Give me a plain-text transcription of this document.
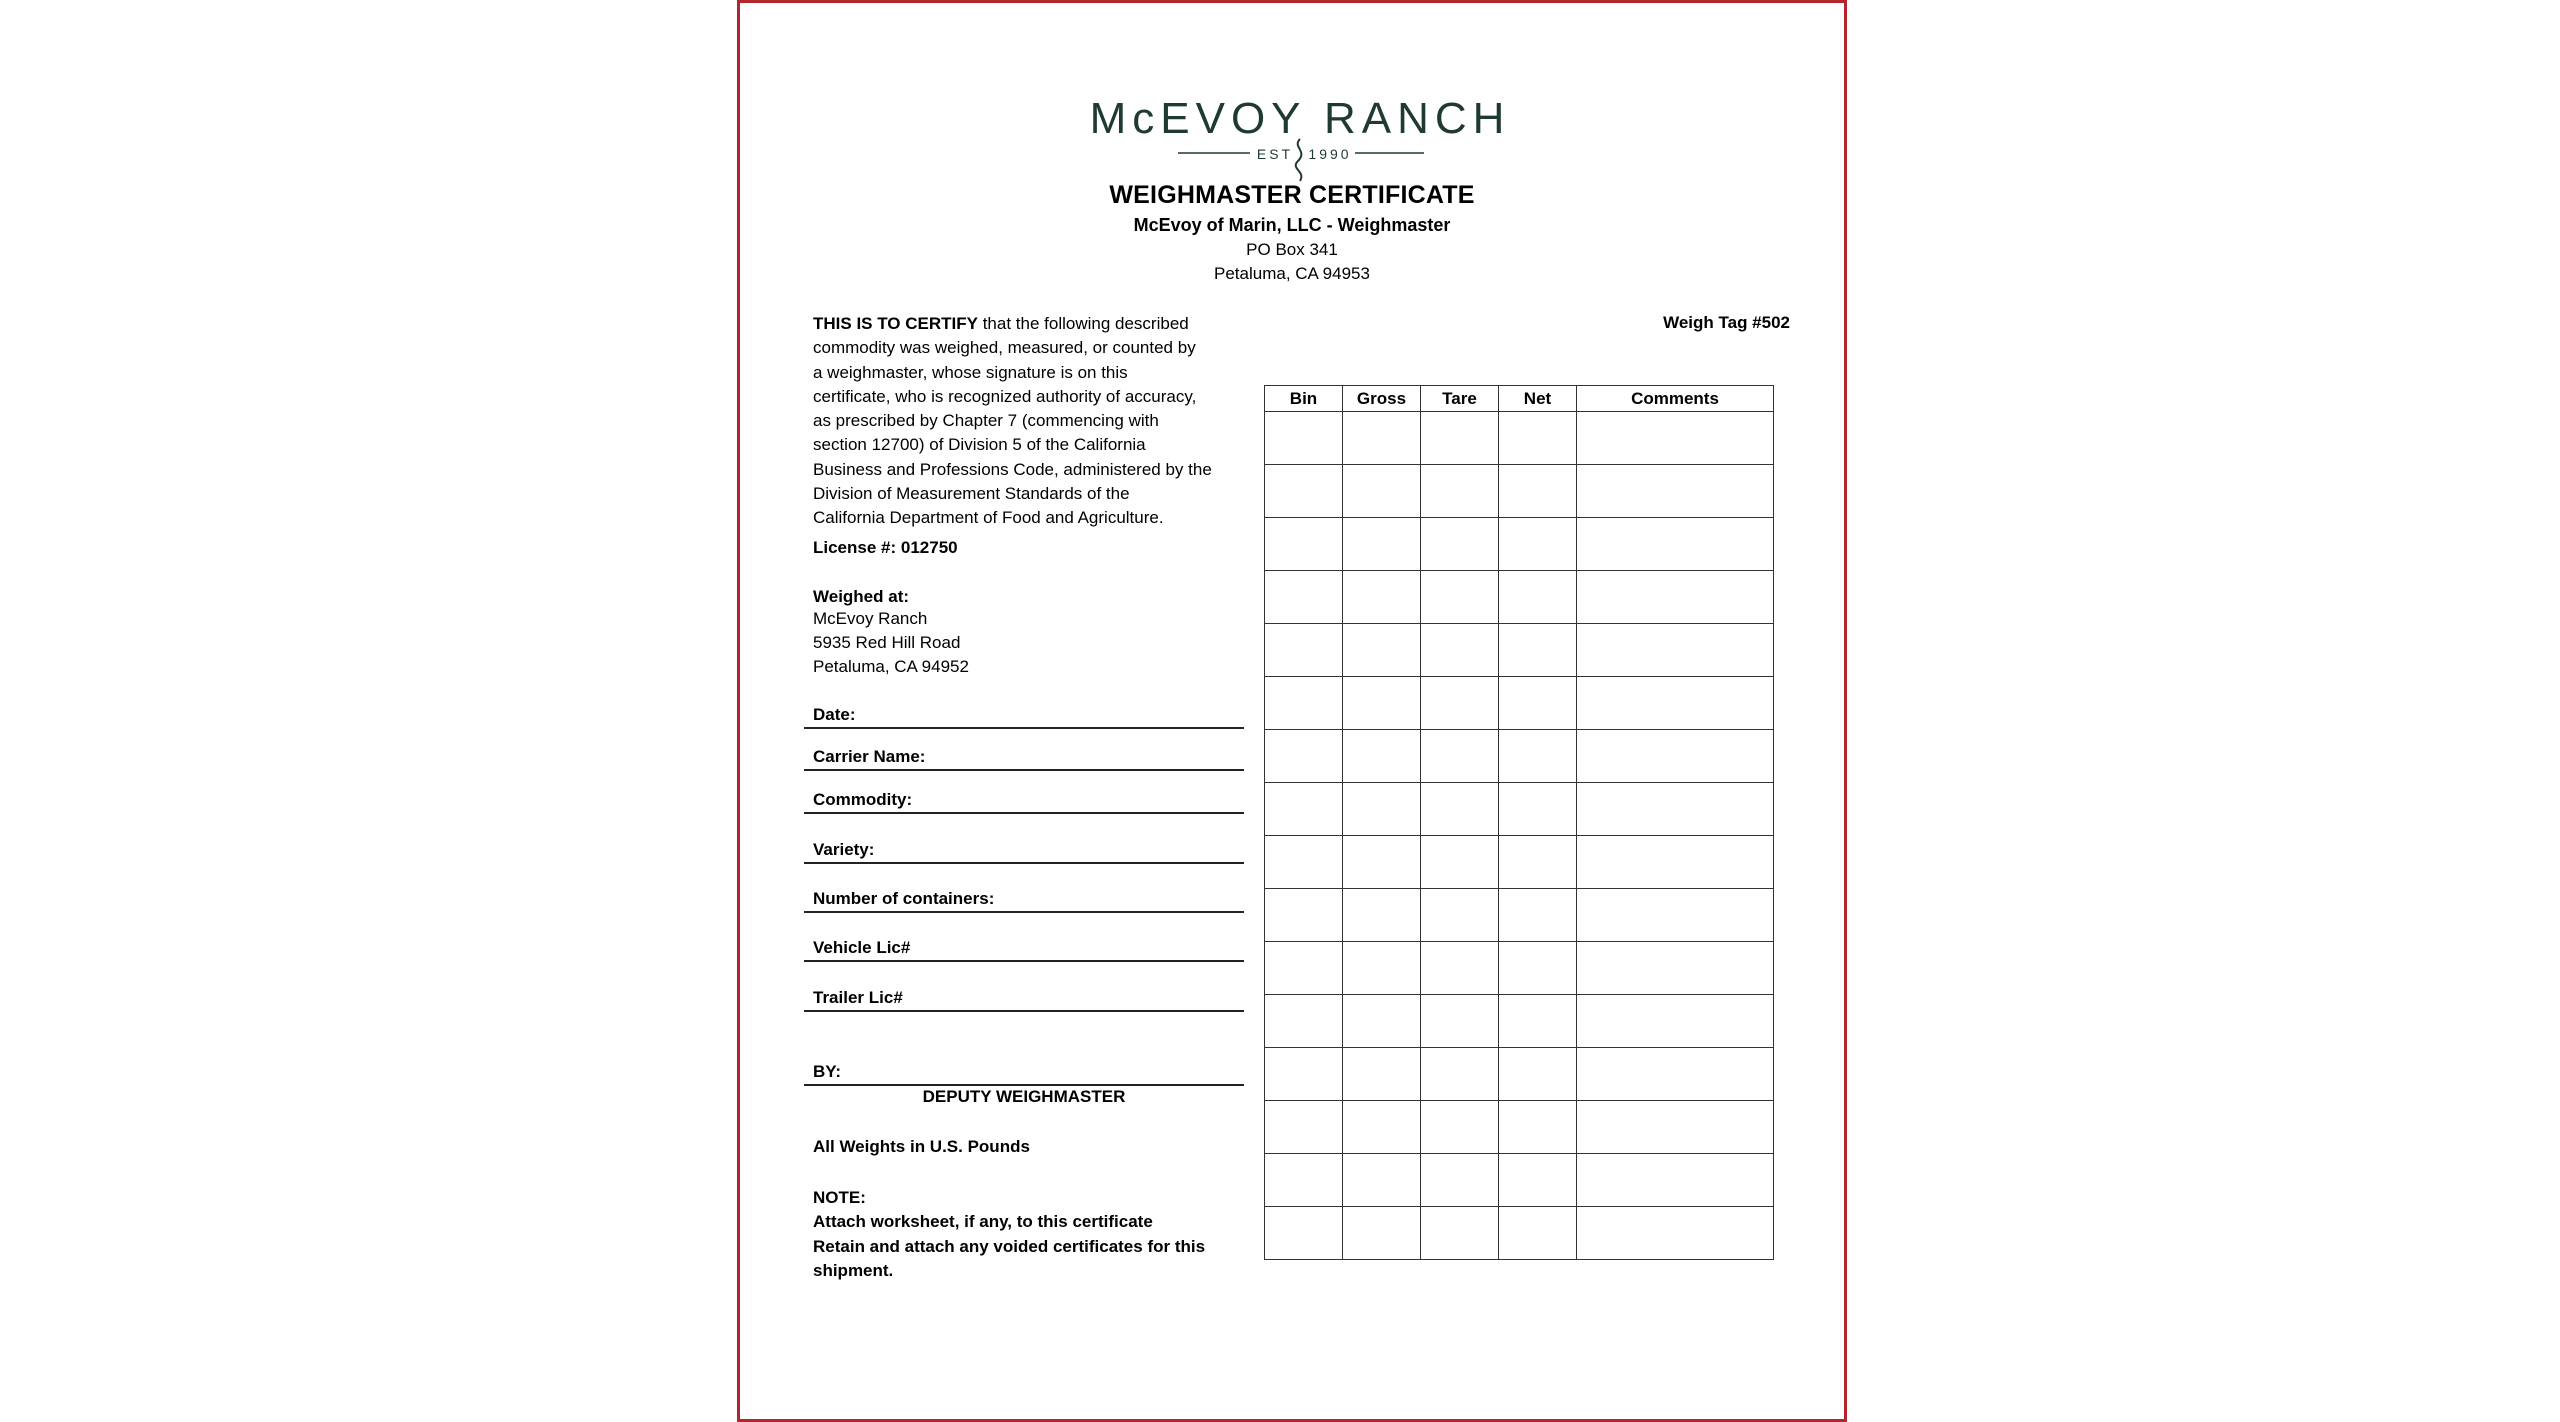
McEVOY RANCH
EST 1990
WEIGHMASTER CERTIFICATE
McEvoy of Marin, LLC - Weighmaster
PO Box 341
Petaluma, CA 94953
Weigh Tag #502
THIS IS TO CERTIFY that the following described
commodity was weighed, measured, or counted by
a weighmaster, whose signature is on this
certificate, who is recognized authority of accuracy,
as prescribed by Chapter 7 (commencing with
section 12700) of Division 5 of the California
Business and Professions Code, administered by the
Division of Measurement Standards of the
California Department of Food and Agriculture.
License #: 012750
Weighed at:
McEvoy Ranch
5935 Red Hill Road
Petaluma, CA 94952
Date:
Carrier Name:
Commodity:
Variety:
Number of containers:
Vehicle Lic#
Trailer Lic#
BY:
DEPUTY WEIGHMASTER
All Weights in U.S. Pounds
NOTE:
Attach worksheet, if any, to this certificate
Retain and attach any voided certificates for this
shipment.
Bin	Gross	Tare	Net	Comments
